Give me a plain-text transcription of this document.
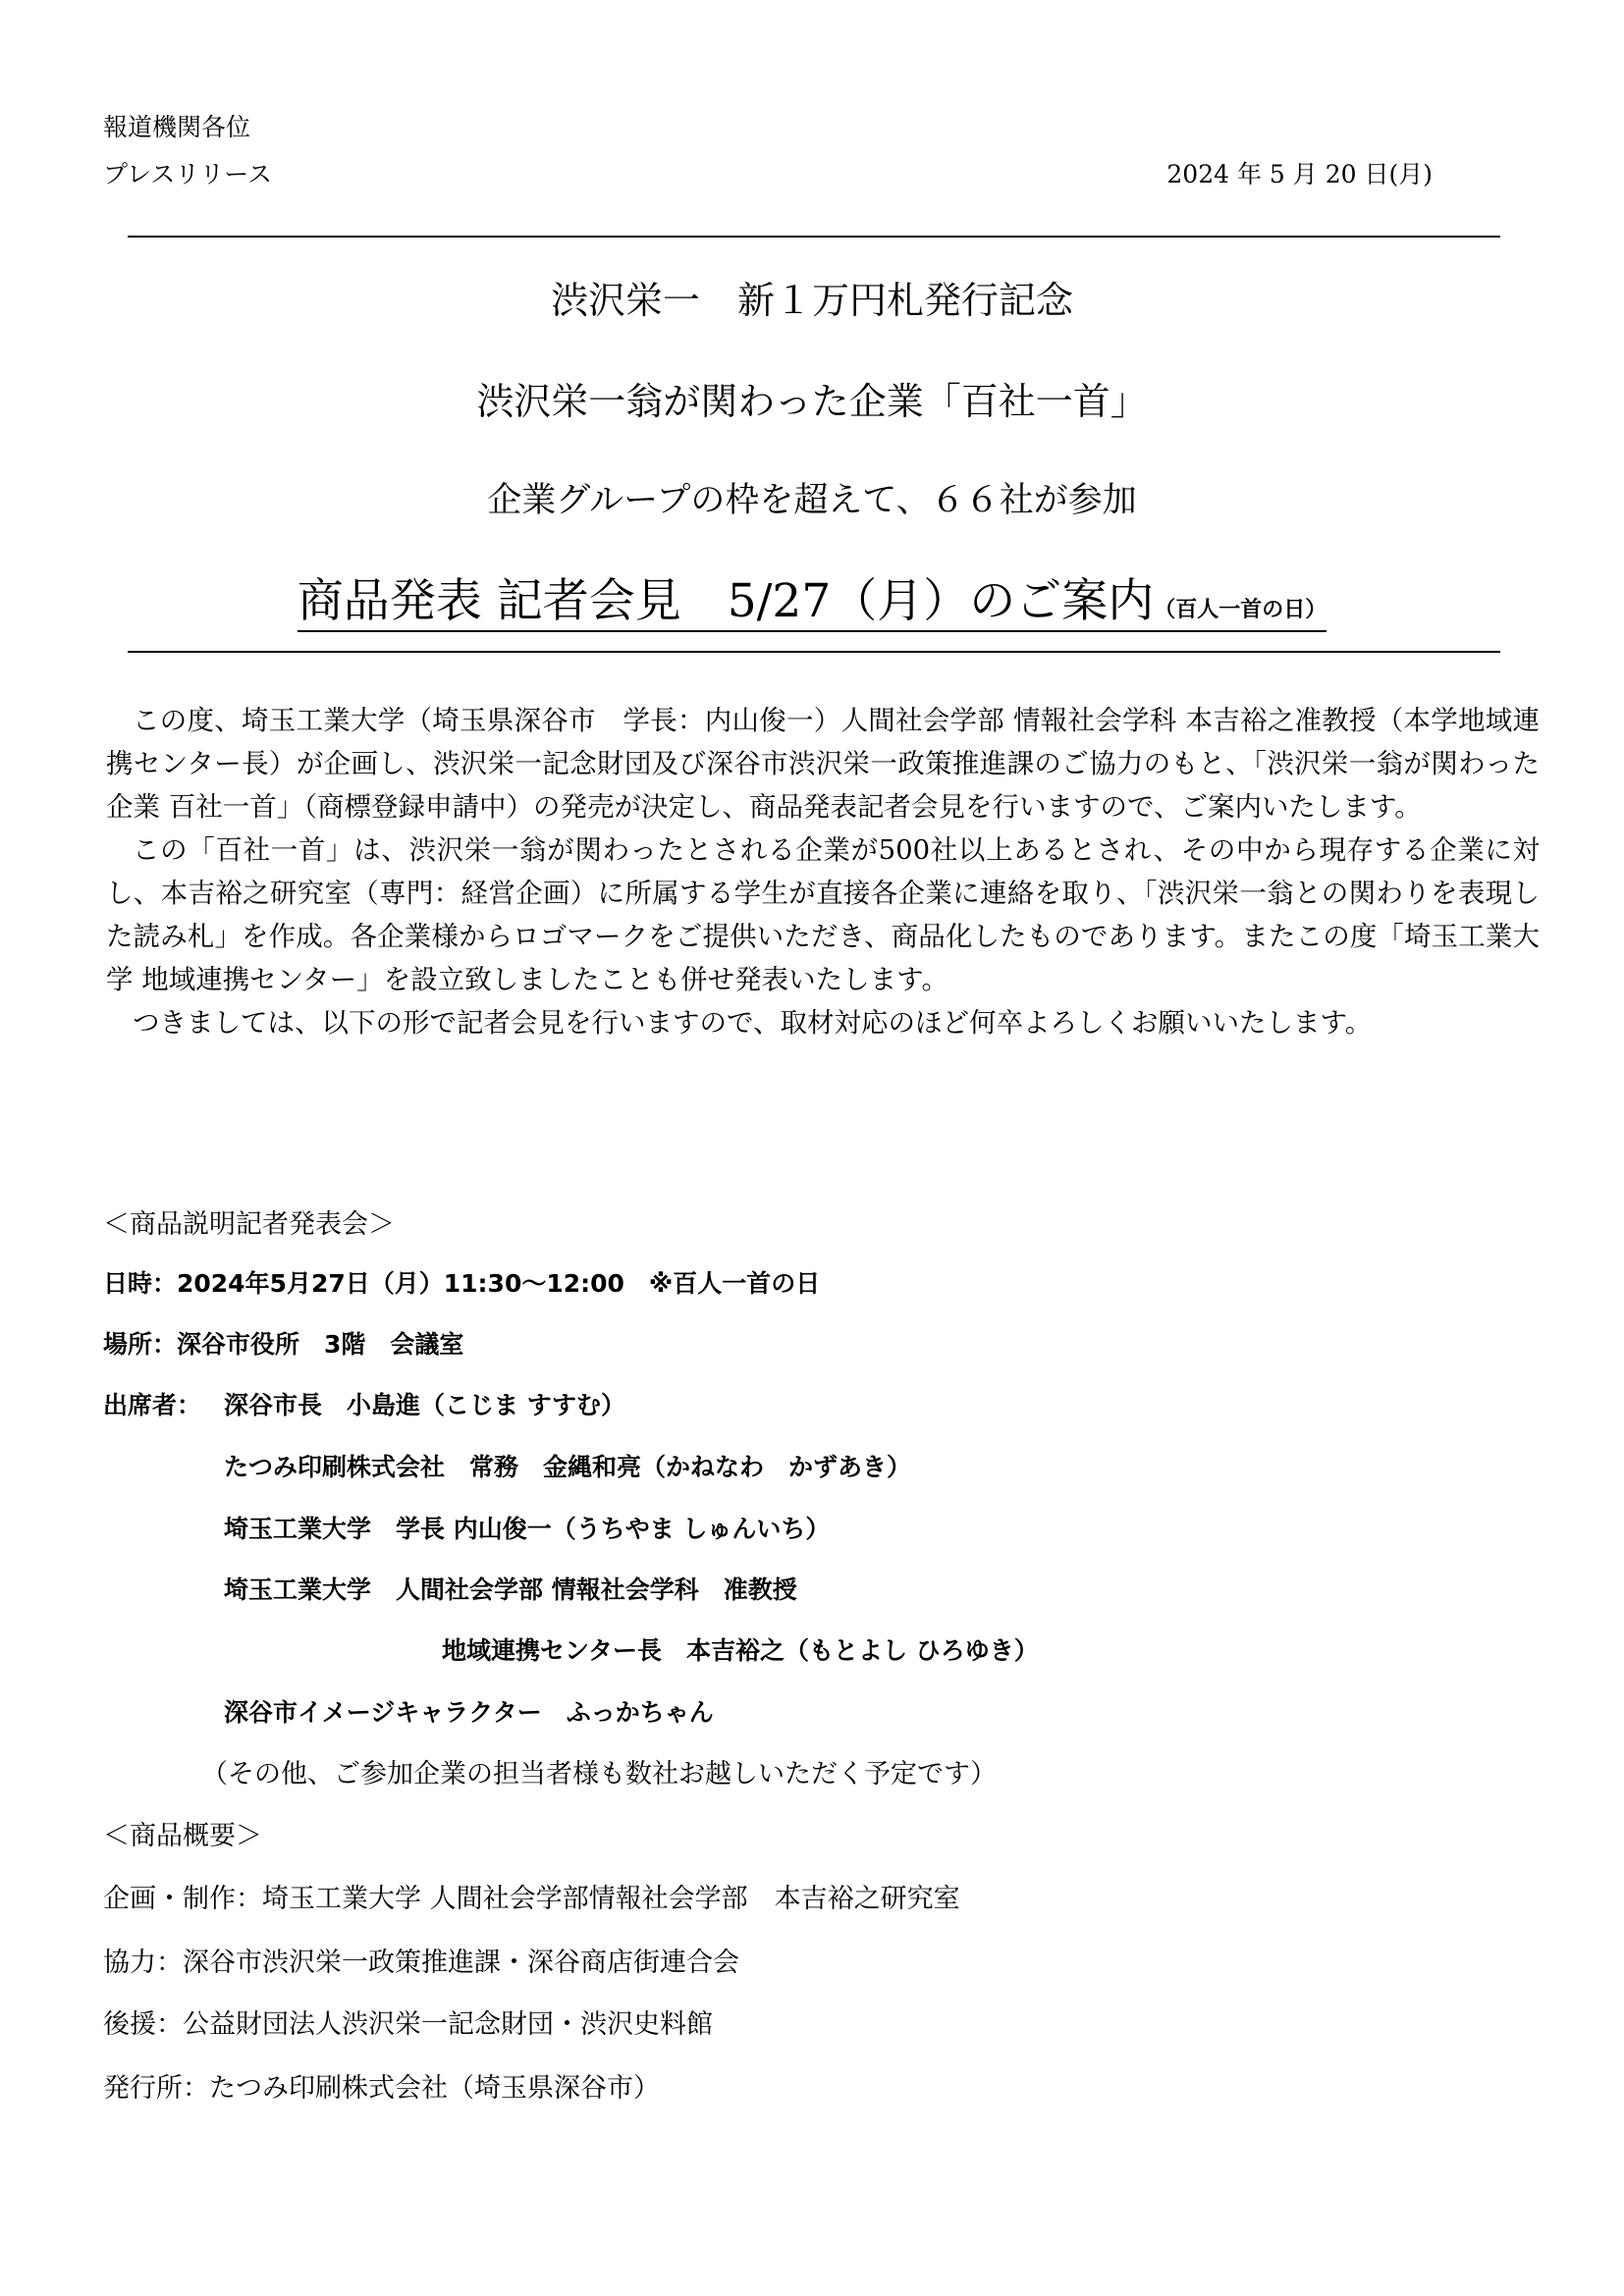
報道機関各位
プレスリリース	2024 年 5 月 20 日(月)
渋沢栄一　新１万円札発行記念
渋沢栄一翁が関わった企業「百社一首」
企業グループの枠を超えて、６６社が参加
商品発表 記者会見　5/27（月）のご案内（百人一首の日）

この度、埼玉工業大学（埼玉県深谷市　学長：内山俊一）人間社会学部 情報社会学科 本吉裕之准教授（本学地域連携センター長）が企画し、渋沢栄一記念財団及び深谷市渋沢栄一政策推進課のご協力のもと、「渋沢栄一翁が関わった企業 百社一首」（商標登録申請中）の発売が決定し、商品発表記者会見を行いますので、ご案内いたします。

この「百社一首」は、渋沢栄一翁が関わったとされる企業が500社以上あるとされ、その中から現存する企業に対し、本吉裕之研究室（専門：経営企画）に所属する学生が直接各企業に連絡を取り、「渋沢栄一翁との関わりを表現した読み札」を作成。各企業様からロゴマークをご提供いただき、商品化したものであります。またこの度「埼玉工業大学 地域連携センター」を設立致しましたことも併せ発表いたします。

つきましては、以下の形で記者会見を行いますので、取材対応のほど何卒よろしくお願いいたします。

＜商品説明記者発表会＞
日時：2024年5月27日（月）11:30～12:00　※百人一首の日
場所：深谷市役所　3階　会議室
出席者： 深谷市長　小島進（こじま すすむ）
たつみ印刷株式会社　常務　金縄和亮（かねなわ　かずあき）
埼玉工業大学　学長 内山俊一（うちやま しゅんいち）
埼玉工業大学　人間社会学部 情報社会学科　准教授
地域連携センター長　本吉裕之（もとよし ひろゆき）
深谷市イメージキャラクター　ふっかちゃん
（その他、ご参加企業の担当者様も数社お越しいただく予定です）
＜商品概要＞
企画・制作：埼玉工業大学 人間社会学部情報社会学部　本吉裕之研究室
協力：深谷市渋沢栄一政策推進課・深谷商店街連合会
後援：公益財団法人渋沢栄一記念財団・渋沢史料館
発行所：たつみ印刷株式会社（埼玉県深谷市）
